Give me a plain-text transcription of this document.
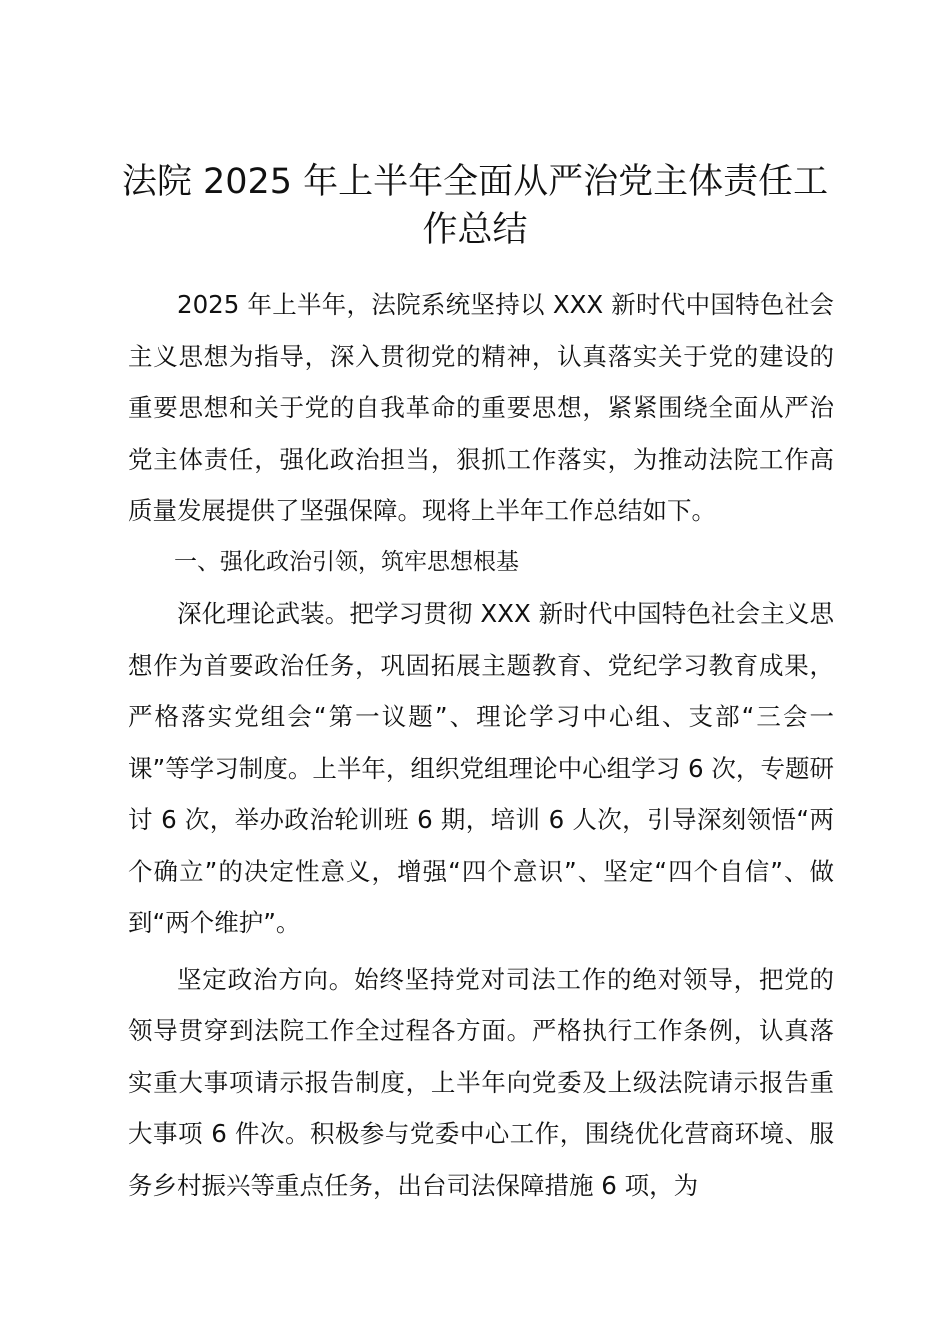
法院 2025 年上半年全面从严治党主体责任工作总结

2025 年上半年，法院系统坚持以 XXX 新时代中国特色社会主义思想为指导，深入贯彻党的精神，认真落实关于党的建设的重要思想和关于党的自我革命的重要思想，紧紧围绕全面从严治党主体责任，强化政治担当，狠抓工作落实，为推动法院工作高质量发展提供了坚强保障。现将上半年工作总结如下。

一、强化政治引领，筑牢思想根基

深化理论武装。把学习贯彻 XXX 新时代中国特色社会主义思想作为首要政治任务，巩固拓展主题教育、党纪学习教育成果，严格落实党组会“第一议题”、理论学习中心组、支部“三会一课”等学习制度。上半年，组织党组理论中心组学习 6 次，专题研讨 6 次，举办政治轮训班 6 期，培训 6 人次，引导深刻领悟“两个确立”的决定性意义，增强“四个意识”、坚定“四个自信”、做到“两个维护”。

坚定政治方向。始终坚持党对司法工作的绝对领导，把党的领导贯穿到法院工作全过程各方面。严格执行工作条例，认真落实重大事项请示报告制度，上半年向党委及上级法院请示报告重大事项 6 件次。积极参与党委中心工作，围绕优化营商环境、服务乡村振兴等重点任务，出台司法保障措施 6 项，为
